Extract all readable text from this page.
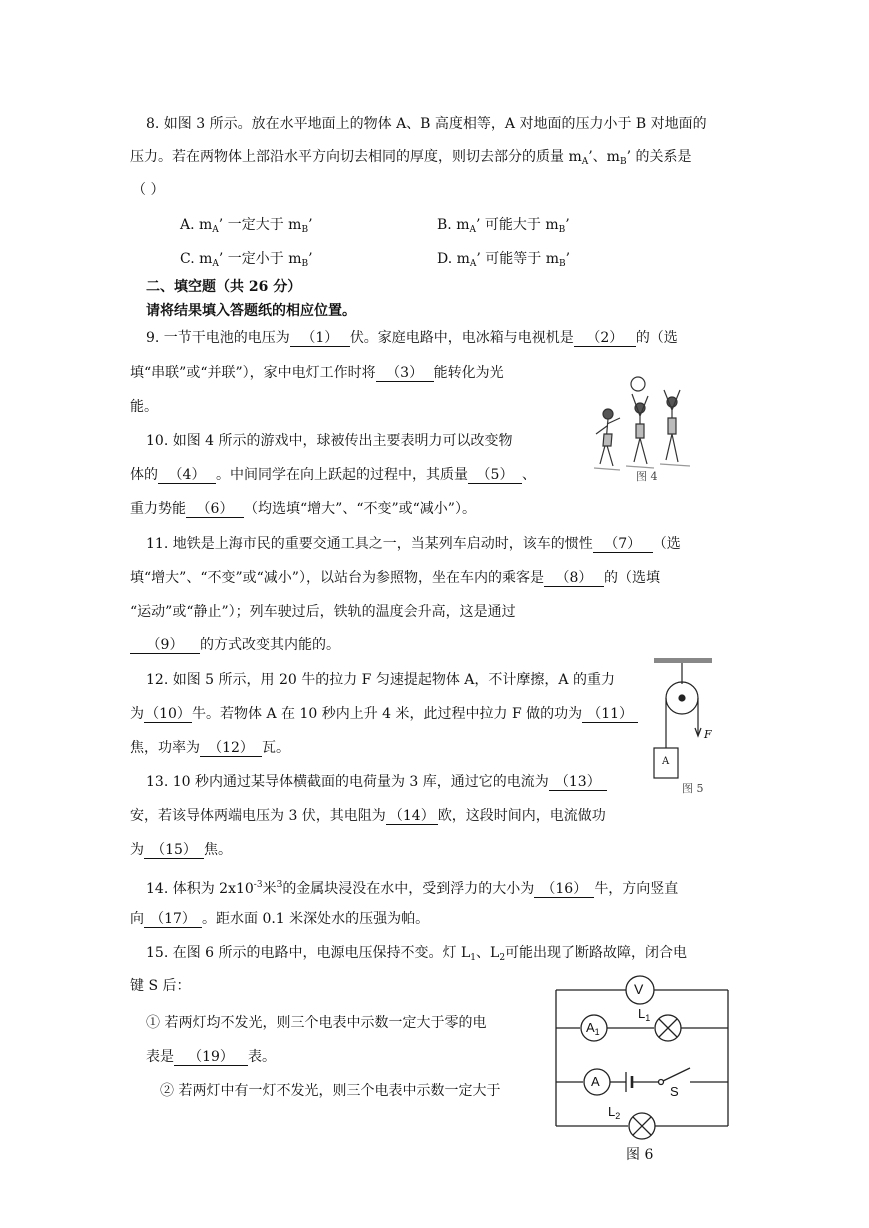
8. 如图 3 所示。放在水平地面上的物体 A、B 高度相等，A 对地面的压力小于 B 对地面的
压力。若在两物体上部沿水平方向切去相同的厚度，则切去部分的质量 $m_A$’、$m_B$’ 的关系是
（ ）
A. $m_A$’ 一定大于 $m_B$’	B. $m_A$’ 可能大于 $m_B$’
C. $m_A$’ 一定小于 $m_B$’	D. $m_A$’ 可能等于 $m_B$’
二、填空题（共 26 分）
请将结果填入答题纸的相应位置。
9. 一节干电池的电压为 （1） 伏。家庭电路中，电冰箱与电视机是 （2） 的（选
填“串联”或“并联”），家中电灯工作时将 （3） 能转化为光
能。
10. 如图 4 所示的游戏中，球被传出主要表明力可以改变物
体的 （4） 。中间同学在向上跃起的过程中，其质量 （5） 、
重力势能 （6） （均选填“增大”、“不变”或“减小”）。
图 4
11. 地铁是上海市民的重要交通工具之一，当某列车启动时，该车的惯性 （7） （选
填“增大”、“不变”或“减小”），以站台为参照物，坐在车内的乘客是 （8） 的（选填
“运动”或“静止”）；列车驶过后，铁轨的温度会升高，这是通过
（9） 的方式改变其内能的。
12. 如图 5 所示，用 20 牛的拉力 F 匀速提起物体 A，不计摩擦，A 的重力
为（10）牛。若物体 A 在 10 秒内上升 4 米，此过程中拉力 F 做的功为 （11）
焦，功率为 （12） 瓦。
F
A
图 5
13. 10 秒内通过某导体横截面的电荷量为 3 库，通过它的电流为 （13）
安，若该导体两端电压为 3 伏，其电阻为 （14） 欧，这段时间内，电流做功
为 （15） 焦。
14. 体积为 $2x10^{-3}$米$^3$的金属块浸没在水中，受到浮力的大小为 （16） 牛，方向竖直
向 （17） 。距水面 0.1 米深处水的压强为帕。
15. 在图 6 所示的电路中，电源电压保持不变。灯 $L_1$、$L_2$可能出现了断路故障，闭合电
键 S 后：
① 若两灯均不发光，则三个电表中示数一定大于零的电
表是 （19） 表。
② 若两灯中有一灯不发光，则三个电表中示数一定大于
V
$A_1$
$L_1$
A
S
$L_2$
图 6
